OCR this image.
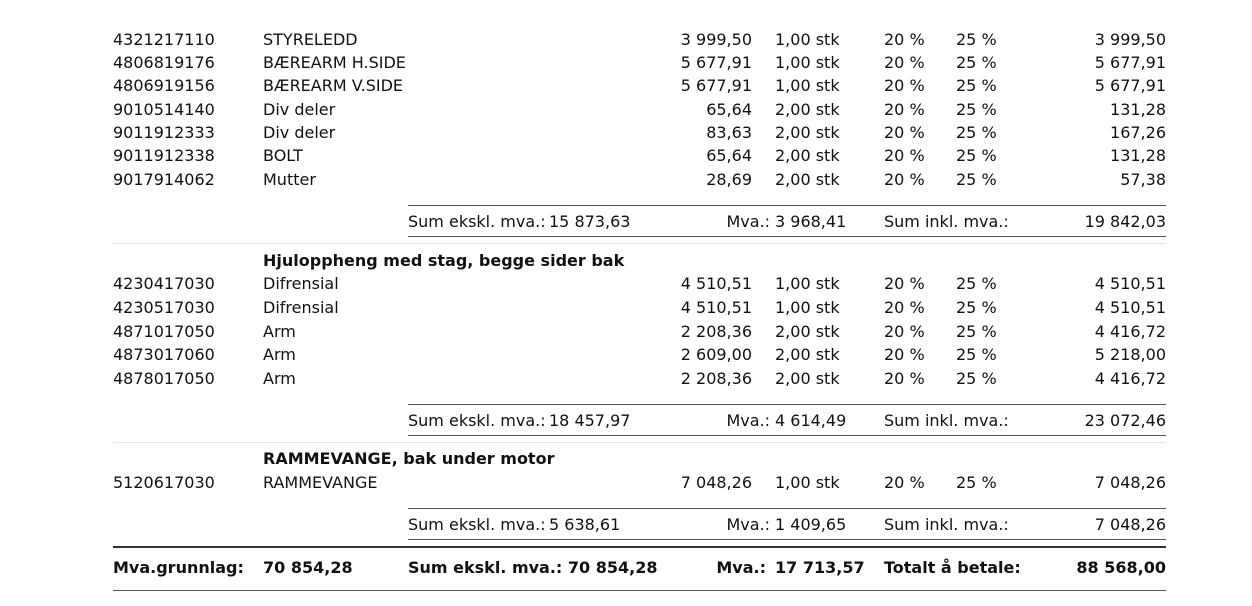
4321217110	STYRELEDD	3 999,50 1,00 stk	20 % 25 %	3 999,50
4806819176	BÆREARM H.SIDE	5 677,91 1,00 stk	20 % 25 %	5 677,91
4806919156	BÆREARM V.SIDE	5 677,91 1,00 stk	20 % 25 %	5 677,91
9010514140	Div deler	65,64 2,00 stk	20 % 25 %	131,28
9011912333	Div deler	83,63 2,00 stk	20 % 25 %	167,26
9011912338	BOLT	65,64 2,00 stk	20 % 25 %	131,28
9017914062	Mutter	28,69 2,00 stk	20 % 25 %	57,38
Sum ekskl. mva.: 15 873,63	Mva.: 3 968,41 Sum inkl. mva.:	19 842,03
Hjuloppheng med stag, begge sider bak
4230417030	Difrensial	4 510,51 1,00 stk	20 % 25 %	4 510,51
4230517030	Difrensial	4 510,51 1,00 stk	20 % 25 %	4 510,51
4871017050	Arm	2 208,36 2,00 stk	20 % 25 %	4 416,72
4873017060	Arm	2 609,00 2,00 stk	20 % 25 %	5 218,00
4878017050	Arm	2 208,36 2,00 stk	20 % 25 %	4 416,72
Sum ekskl. mva.: 18 457,97	Mva.: 4 614,49 Sum inkl. mva.:	23 072,46
RAMMEVANGE, bak under motor
5120617030	RAMMEVANGE	7 048,26 1,00 stk	20 % 25 %	7 048,26
Sum ekskl. mva.: 5 638,61	Mva.: 1 409,65 Sum inkl. mva.:	7 048,26
Mva.grunnlag: 70 854,28	Sum ekskl. mva.: 70 854,28	Mva.: 17 713,57 Totalt å betale:	88 568,00
